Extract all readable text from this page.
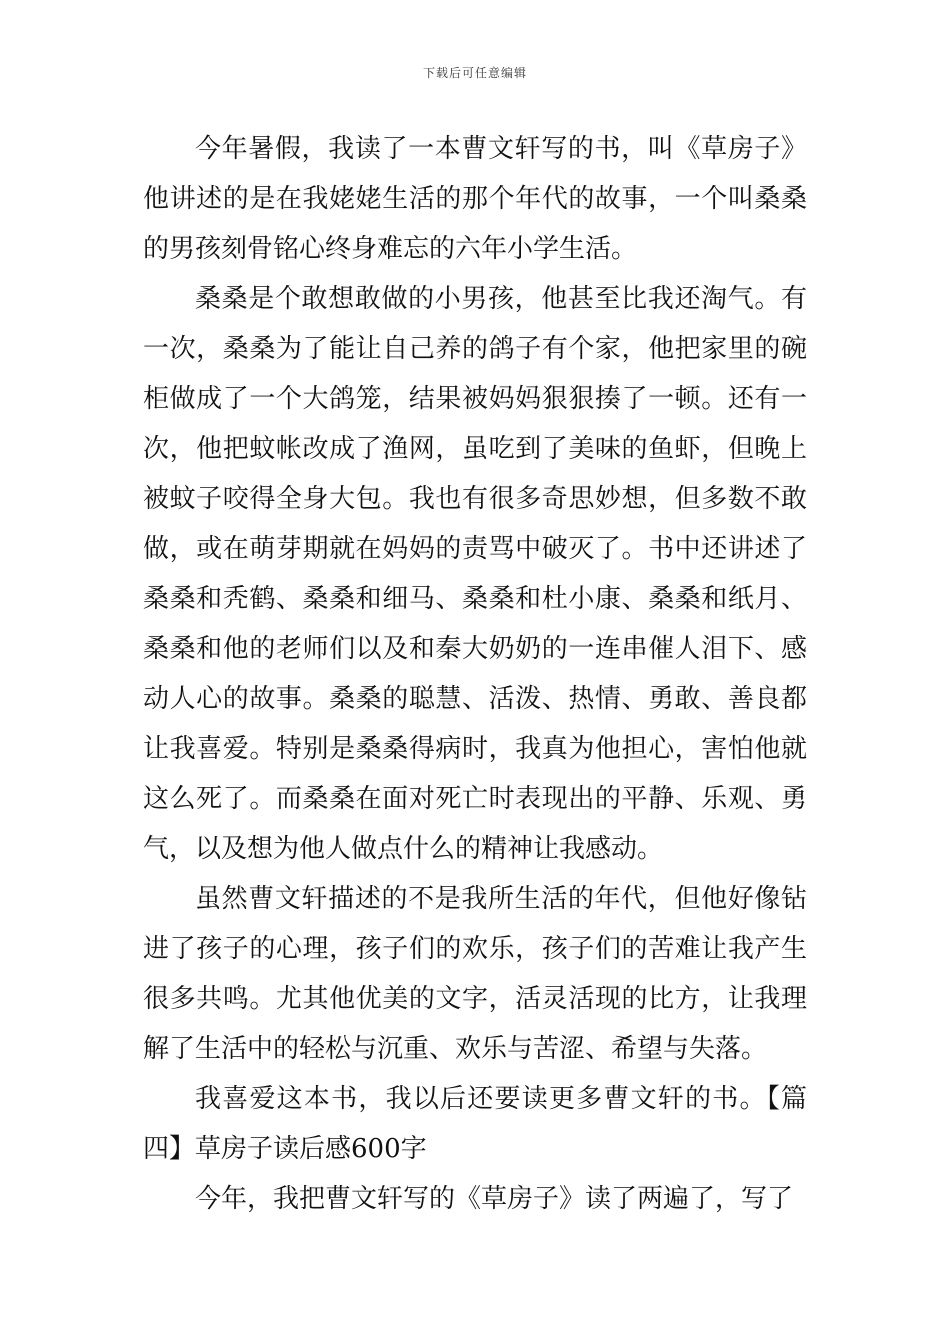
下载后可任意编辑

今年暑假，我读了一本曹文轩写的书，叫《草房子》他讲述的是在我姥姥生活的那个年代的故事，一个叫桑桑的男孩刻骨铭心终身难忘的六年小学生活。

桑桑是个敢想敢做的小男孩，他甚至比我还淘气。有一次，桑桑为了能让自己养的鸽子有个家，他把家里的碗柜做成了一个大鸽笼，结果被妈妈狠狠揍了一顿。还有一次，他把蚊帐改成了渔网，虽吃到了美味的鱼虾，但晚上被蚊子咬得全身大包。我也有很多奇思妙想，但多数不敢做，或在萌芽期就在妈妈的责骂中破灭了。书中还讲述了桑桑和秃鹤、桑桑和细马、桑桑和杜小康、桑桑和纸月、桑桑和他的老师们以及和秦大奶奶的一连串催人泪下、感动人心的故事。桑桑的聪慧、活泼、热情、勇敢、善良都让我喜爱。特别是桑桑得病时，我真为他担心，害怕他就这么死了。而桑桑在面对死亡时表现出的平静、乐观、勇气，以及想为他人做点什么的精神让我感动。

虽然曹文轩描述的不是我所生活的年代，但他好像钻进了孩子的心理，孩子们的欢乐，孩子们的苦难让我产生很多共鸣。尤其他优美的文字，活灵活现的比方，让我理解了生活中的轻松与沉重、欢乐与苦涩、希望与失落。

我喜爱这本书，我以后还要读更多曹文轩的书。【篇四】草房子读后感600字

今年，我把曹文轩写的《草房子》读了两遍了，写了
